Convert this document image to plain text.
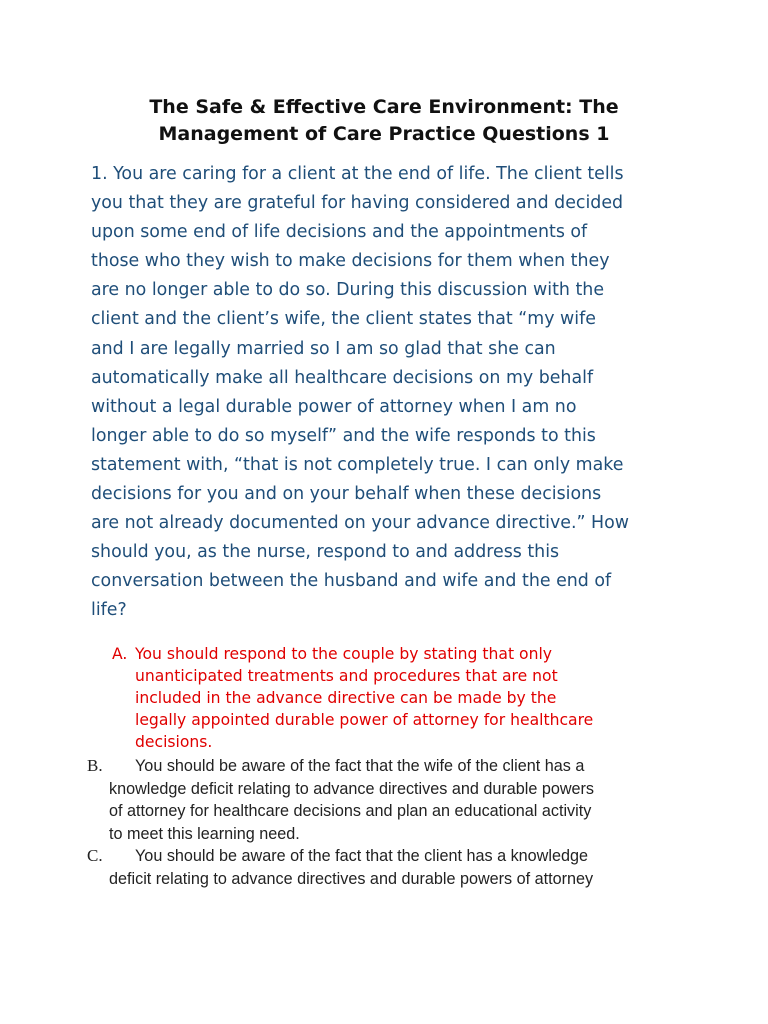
The Safe & Effective Care Environment: The
Management of Care Practice Questions 1

1. You are caring for a client at the end of life. The client tells
you that they are grateful for having considered and decided
upon some end of life decisions and the appointments of
those who they wish to make decisions for them when they
are no longer able to do so. During this discussion with the
client and the client’s wife, the client states that “my wife
and I are legally married so I am so glad that she can
automatically make all healthcare decisions on my behalf
without a legal durable power of attorney when I am no
longer able to do so myself” and the wife responds to this
statement with, “that is not completely true. I can only make
decisions for you and on your behalf when these decisions
are not already documented on your advance directive.” How
should you, as the nurse, respond to and address this
conversation between the husband and wife and the end of
life?

A. You should respond to the couple by stating that only
unanticipated treatments and procedures that are not
included in the advance directive can be made by the
legally appointed durable power of attorney for healthcare
decisions.
B. You should be aware of the fact that the wife of the client has a
knowledge deficit relating to advance directives and durable powers
of attorney for healthcare decisions and plan an educational activity
to meet this learning need.
C. You should be aware of the fact that the client has a knowledge
deficit relating to advance directives and durable powers of attorney
